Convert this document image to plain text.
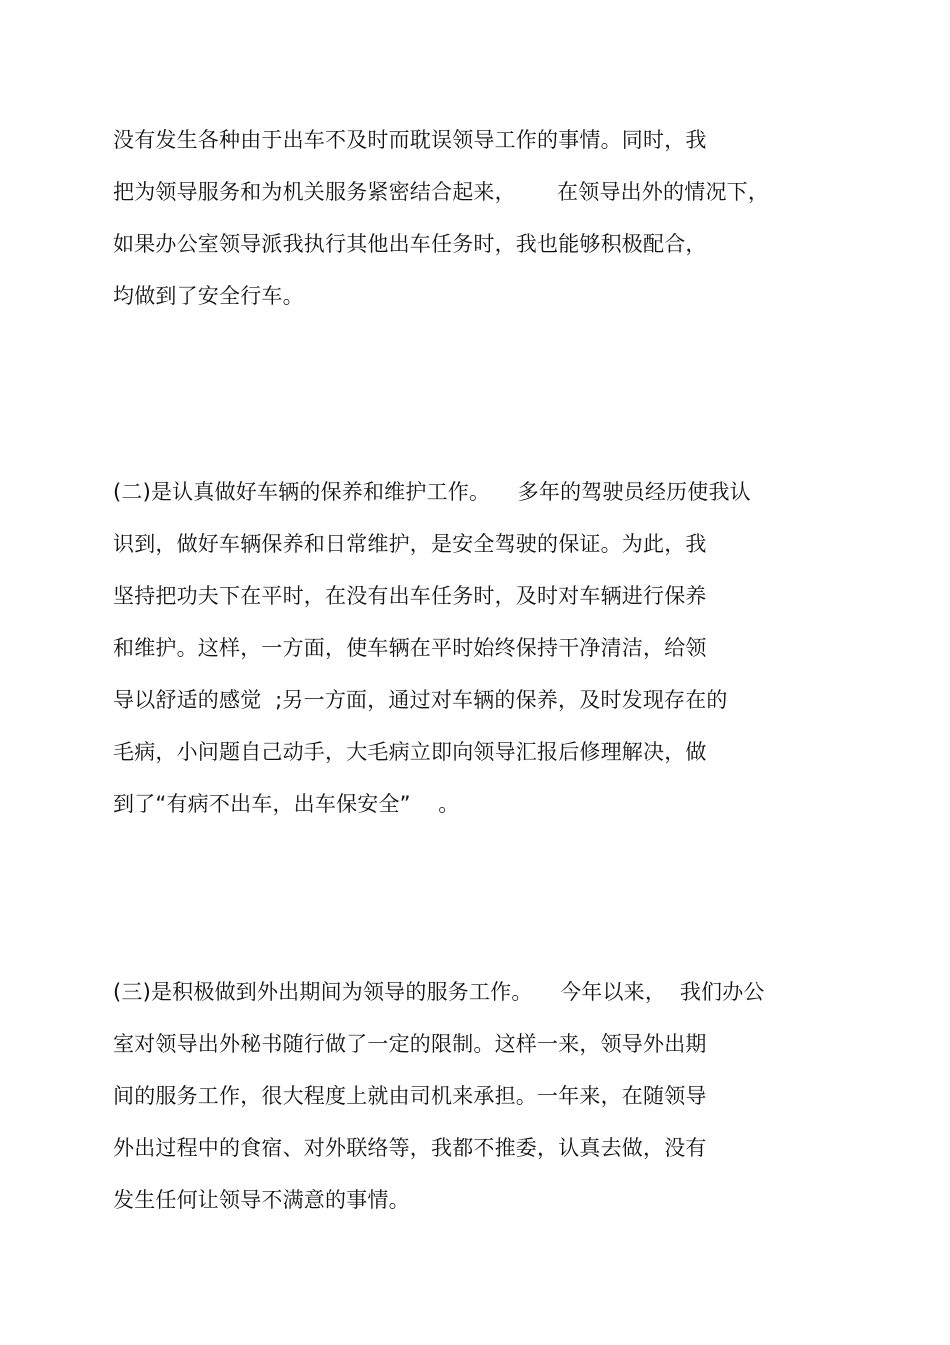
没有发生各种由于出车不及时而耽误领导工作的事情。同时，我
把为领导服务和为机关服务紧密结合起来，      在领导出外的情况下，
如果办公室领导派我执行其他出车任务时，我也能够积极配合，
均做到了安全行车。
(二)是认真做好车辆的保养和维护工作。    多年的驾驶员经历使我认
识到，做好车辆保养和日常维护，是安全驾驶的保证。为此，我
坚持把功夫下在平时，在没有出车任务时，及时对车辆进行保养
和维护。这样，一方面，使车辆在平时始终保持干净清洁，给领
导以舒适的感觉  ;另一方面，通过对车辆的保养，及时发现存在的
毛病，小问题自己动手，大毛病立即向领导汇报后修理解决，做
到了“有病不出车，出车保安全”    。
(三)是积极做到外出期间为领导的服务工作。    今年以来，  我们办公
室对领导出外秘书随行做了一定的限制。这样一来，领导外出期
间的服务工作，很大程度上就由司机来承担。一年来，在随领导
外出过程中的食宿、对外联络等，我都不推委，认真去做，没有
发生任何让领导不满意的事情。
